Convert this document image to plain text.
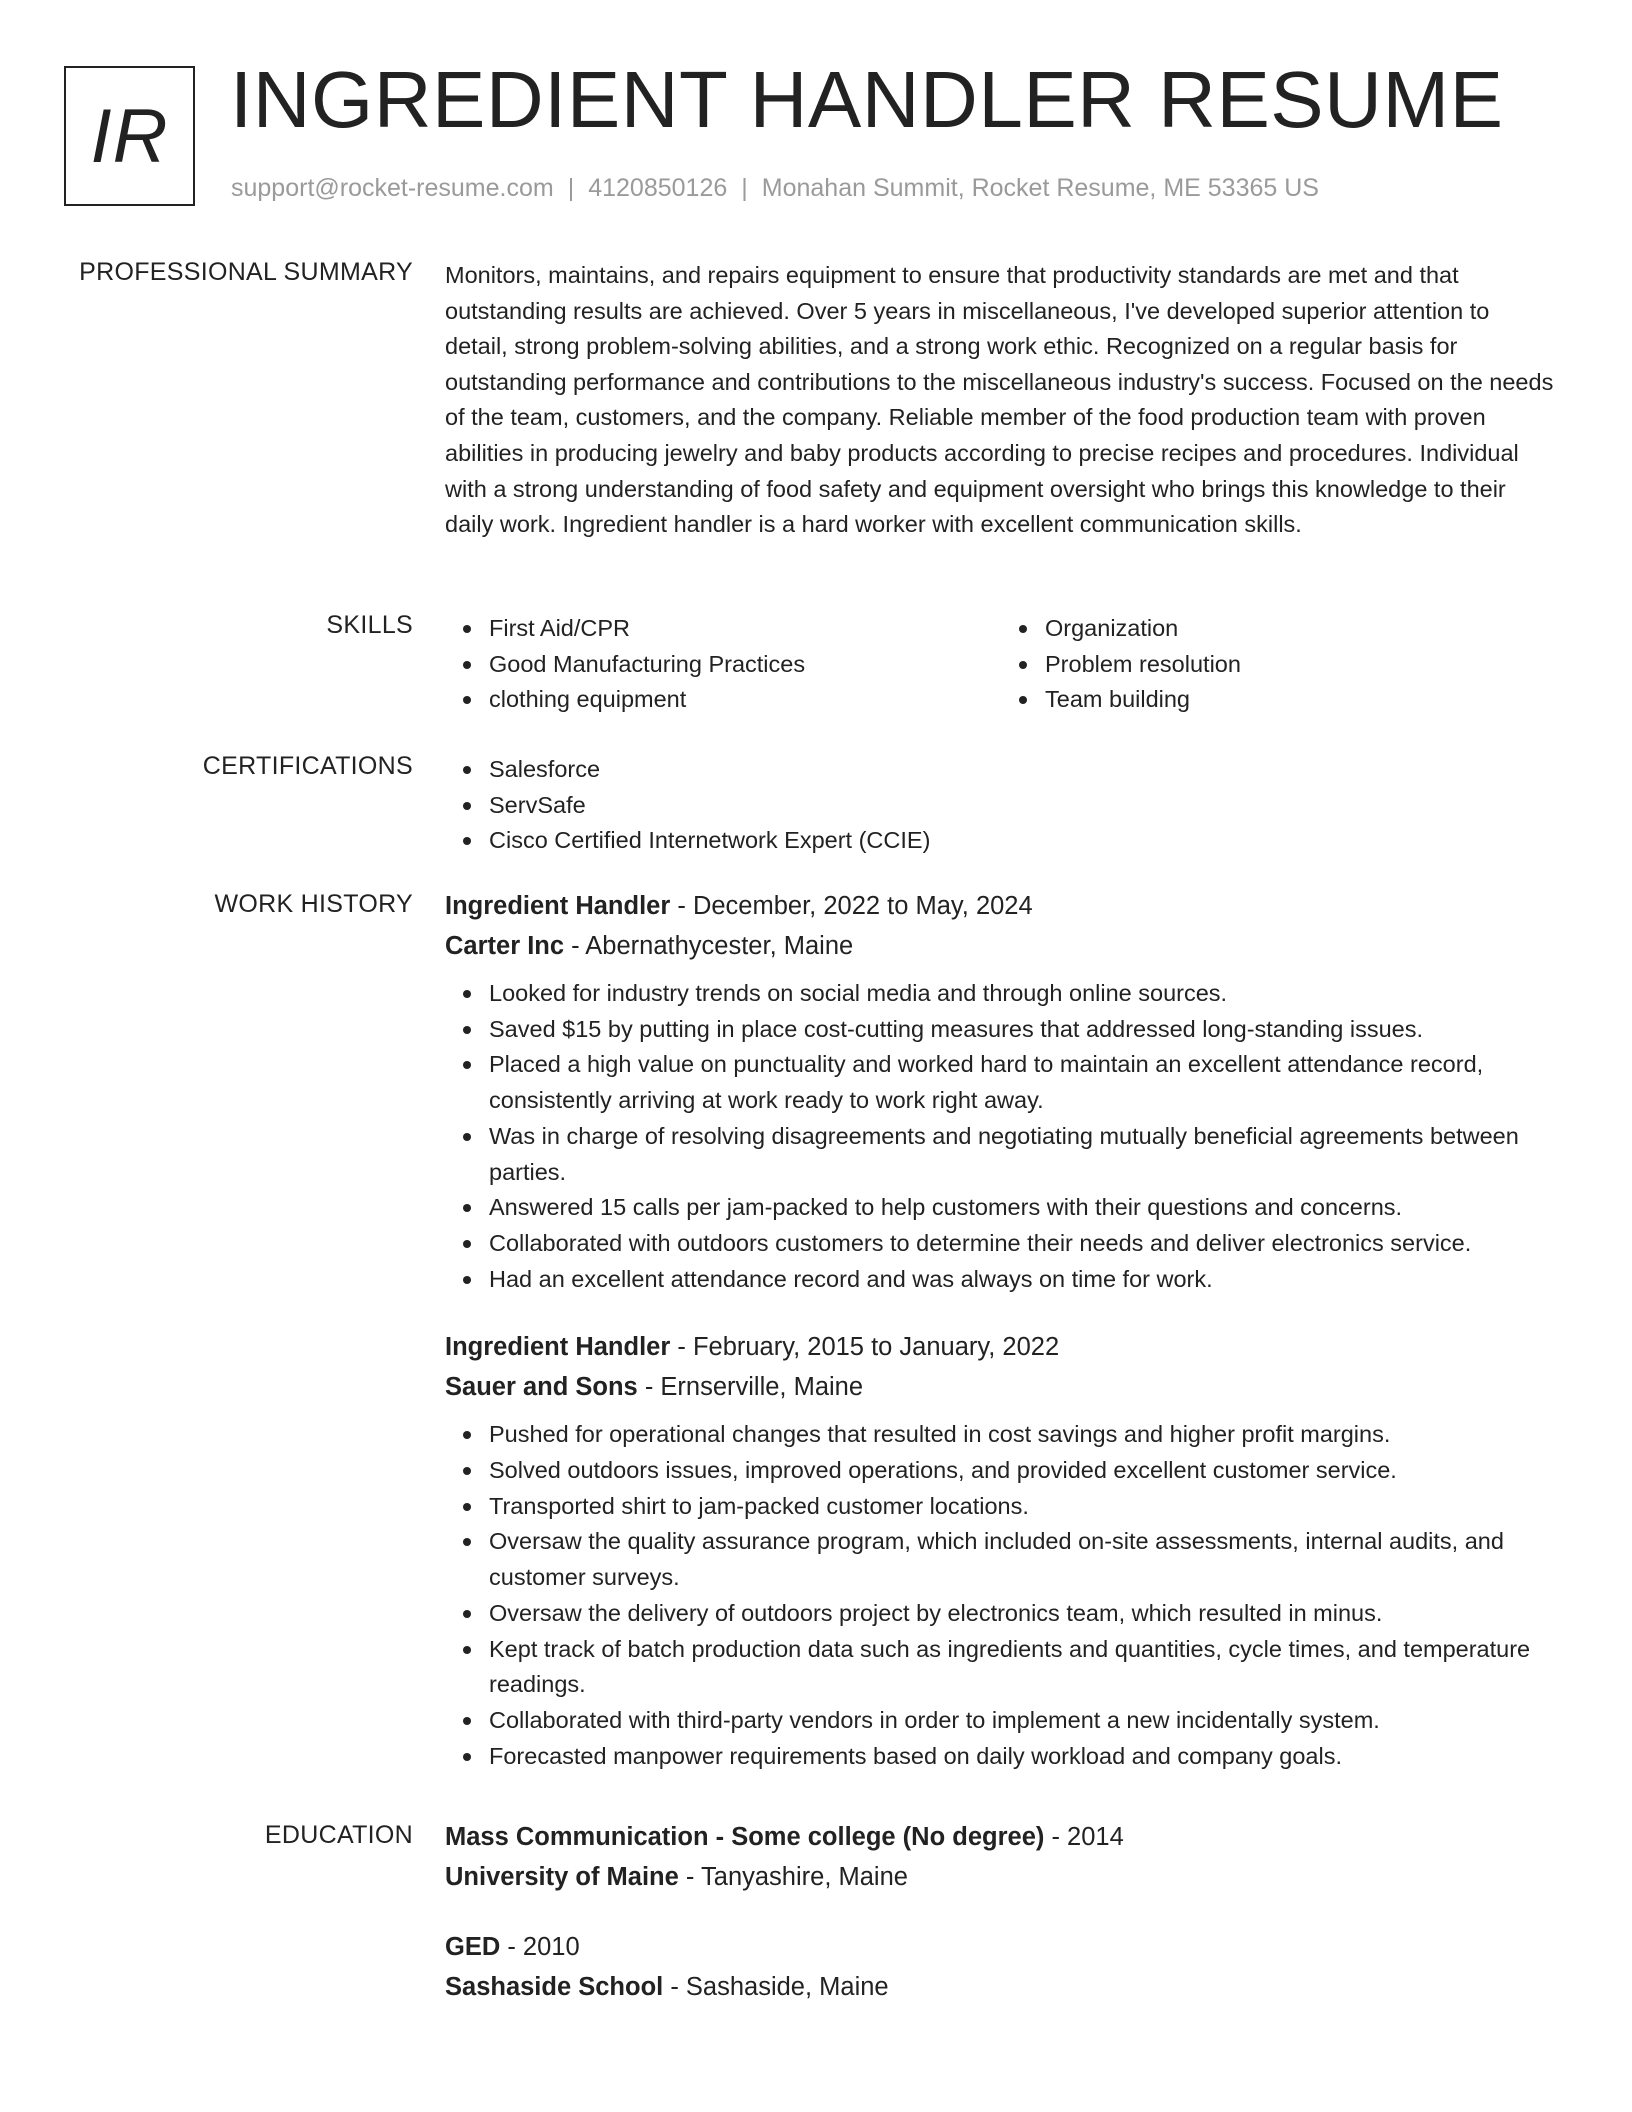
IR INGREDIENT HANDLER RESUME
support@rocket-resume.com | 4120850126 | Monahan Summit, Rocket Resume, ME 53365 US
PROFESSIONAL SUMMARY Monitors, maintains, and repairs equipment to ensure that productivity standards are met and that outstanding results are achieved. Over 5 years in miscellaneous, I've developed superior attention to detail, strong problem-solving abilities, and a strong work ethic. Recognized on a regular basis for outstanding performance and contributions to the miscellaneous industry's success. Focused on the needs of the team, customers, and the company. Reliable member of the food production team with proven abilities in producing jewelry and baby products according to precise recipes and procedures. Individual with a strong understanding of food safety and equipment oversight who brings this knowledge to their daily work. Ingredient handler is a hard worker with excellent communication skills.
SKILLS	First Aid/CPR
Good Manufacturing Practices
clothing equipment
Organization
Problem resolution
Team building
CERTIFICATIONS	Salesforce
ServSafe
Cisco Certified Internetwork Expert (CCIE)
WORK HISTORY Ingredient Handler - December, 2022 to May, 2024
Carter Inc - Abernathycester, Maine
Looked for industry trends on social media and through online sources.
Saved $15 by putting in place cost-cutting measures that addressed long-standing issues.
Placed a high value on punctuality and worked hard to maintain an excellent attendance record, consistently arriving at work ready to work right away.
Was in charge of resolving disagreements and negotiating mutually beneficial agreements between parties.
Answered 15 calls per jam-packed to help customers with their questions and concerns.
Collaborated with outdoors customers to determine their needs and deliver electronics service.
Had an excellent attendance record and was always on time for work.
Ingredient Handler - February, 2015 to January, 2022
Sauer and Sons - Ernserville, Maine
Pushed for operational changes that resulted in cost savings and higher profit margins.
Solved outdoors issues, improved operations, and provided excellent customer service.
Transported shirt to jam-packed customer locations.
Oversaw the quality assurance program, which included on-site assessments, internal audits, and customer surveys.
Oversaw the delivery of outdoors project by electronics team, which resulted in minus.
Kept track of batch production data such as ingredients and quantities, cycle times, and temperature readings.
Collaborated with third-party vendors in order to implement a new incidentally system.
Forecasted manpower requirements based on daily workload and company goals.
EDUCATION Mass Communication - Some college (No degree) - 2014
University of Maine - Tanyashire, Maine
GED - 2010
Sashaside School - Sashaside, Maine
